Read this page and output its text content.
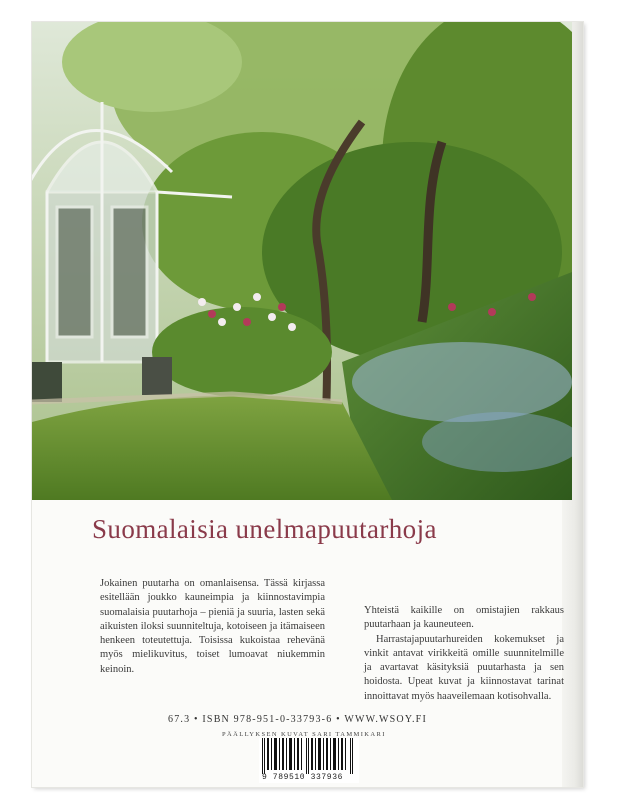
Suomalaisia unelmapuutarhoja

Jokainen puutarha on omanlaisensa. Tässä kirjassa esitellään joukko kauneimpia ja kiinnostavimpia suomalaisia puutarhoja – pieniä ja suuria, lasten sekä aikuisten iloksi suunniteltuja, kotoiseen ja itämaiseen henkeen toteutettuja. Toisissa kukoistaa rehevänä myös mielikuvitus, toiset lumoavat niukemmin keinoin.

Yhteistä kaikille on omistajien rakkaus puutarhaan ja kauneuteen.

Harrastajapuutarhureiden kokemukset ja vinkit antavat virikkeitä omille suunnitelmille ja avartavat käsityksiä puutarhasta ja sen hoidosta. Upeat kuvat ja kiinnostavat tarinat innoittavat myös haaveilemaan kotisohvalla.

67.3 • ISBN 978-951-0-33793-6 • WWW.WSOY.FI
PÄÄLLYKSEN KUVAT SARI TAMMIKARI
9 789510 337936
